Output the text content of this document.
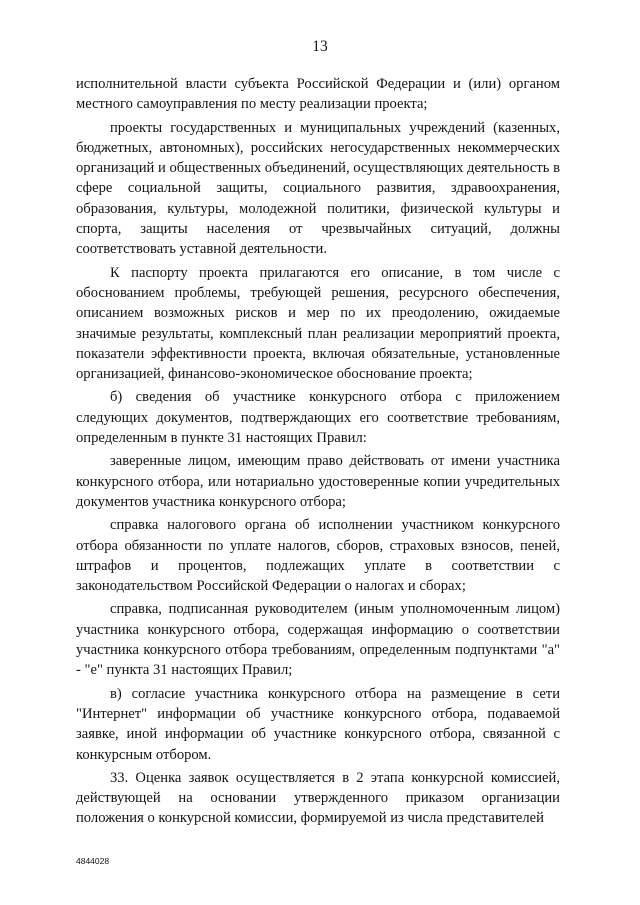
13

исполнительной власти субъекта Российской Федерации и (или) органом местного самоуправления по месту реализации проекта;

проекты государственных и муниципальных учреждений (казенных, бюджетных, автономных), российских негосударственных некоммерческих организаций и общественных объединений, осуществляющих деятельность в сфере социальной защиты, социального развития, здравоохранения, образования, культуры, молодежной политики, физической культуры и спорта, защиты населения от чрезвычайных ситуаций, должны соответствовать уставной деятельности.

К паспорту проекта прилагаются его описание, в том числе с обоснованием проблемы, требующей решения, ресурсного обеспечения, описанием возможных рисков и мер по их преодолению, ожидаемые значимые результаты, комплексный план реализации мероприятий проекта, показатели эффективности проекта, включая обязательные, установленные организацией, финансово-экономическое обоснование проекта;

б) сведения об участнике конкурсного отбора с приложением следующих документов, подтверждающих его соответствие требованиям, определенным в пункте 31 настоящих Правил:

заверенные лицом, имеющим право действовать от имени участника конкурсного отбора, или нотариально удостоверенные копии учредительных документов участника конкурсного отбора;

справка налогового органа об исполнении участником конкурсного отбора обязанности по уплате налогов, сборов, страховых взносов, пеней, штрафов и процентов, подлежащих уплате в соответствии с законодательством Российской Федерации о налогах и сборах;

справка, подписанная руководителем (иным уполномоченным лицом) участника конкурсного отбора, содержащая информацию о соответствии участника конкурсного отбора требованиям, определенным подпунктами "а" - "е" пункта 31 настоящих Правил;

в) согласие участника конкурсного отбора на размещение в сети "Интернет" информации об участнике конкурсного отбора, подаваемой заявке, иной информации об участнике конкурсного отбора, связанной с конкурсным отбором.

33. Оценка заявок осуществляется в 2 этапа конкурсной комиссией, действующей на основании утвержденного приказом организации положения о конкурсной комиссии, формируемой из числа представителей

4844028
